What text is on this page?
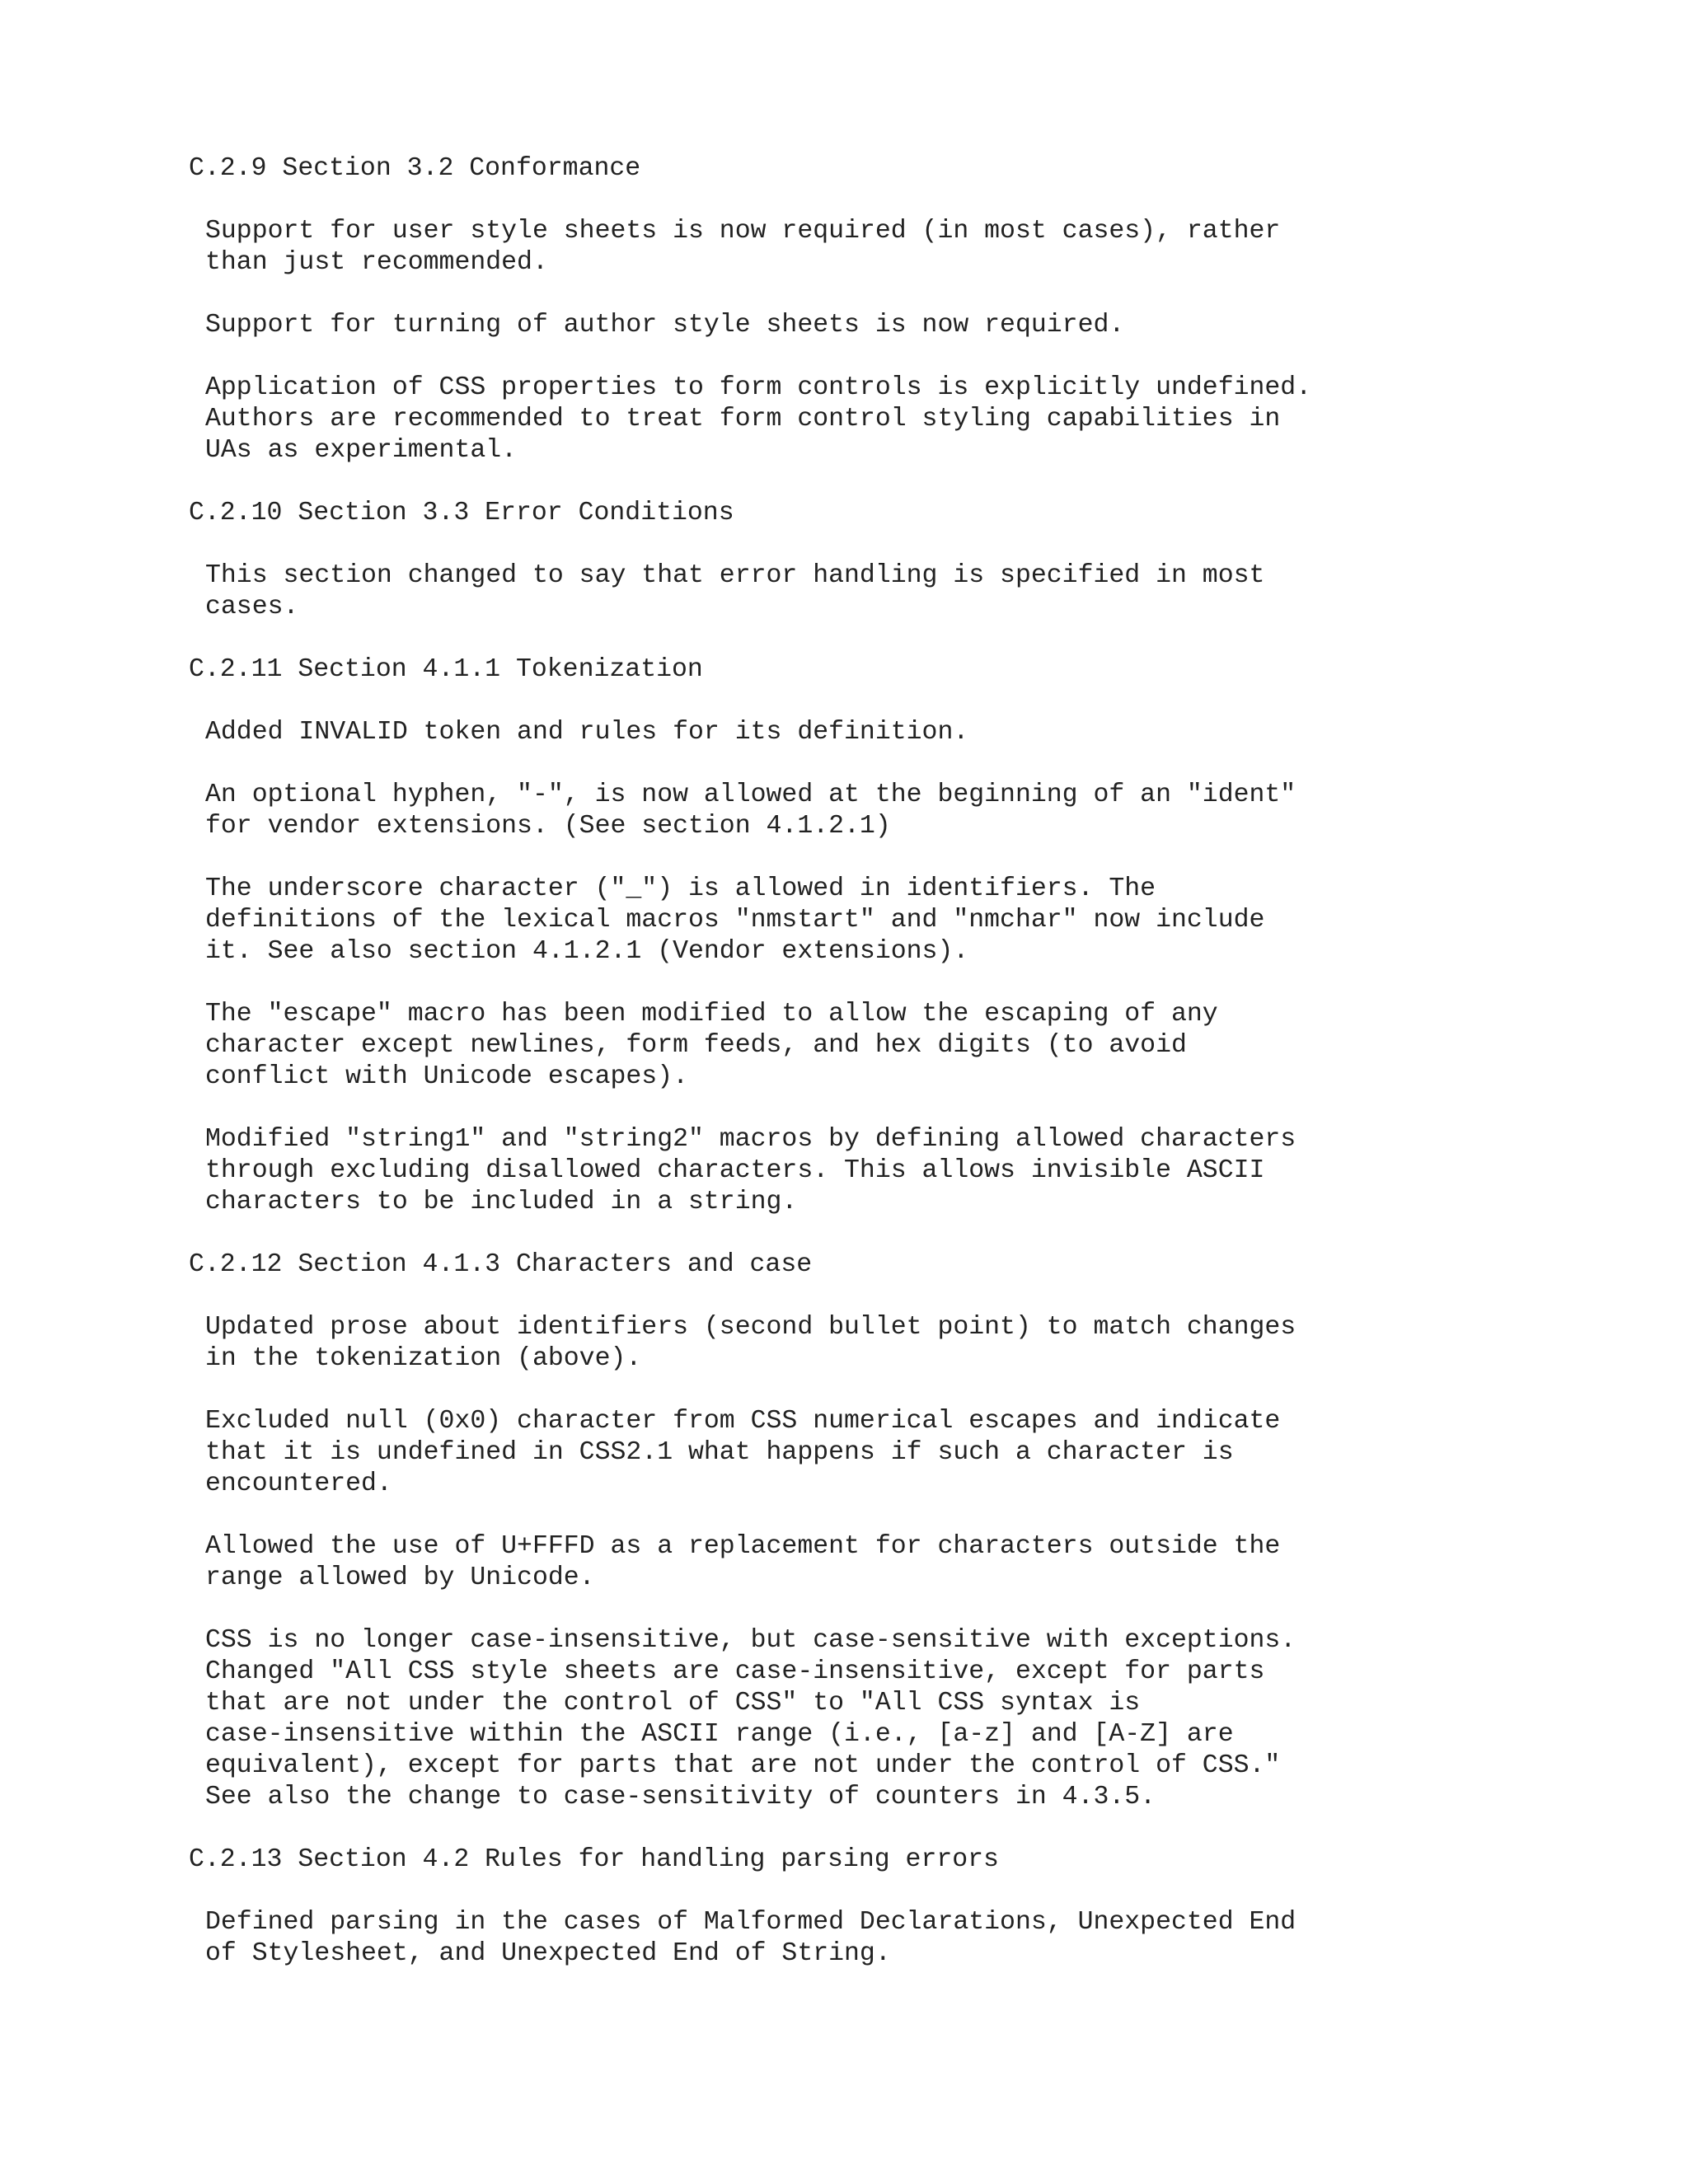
C.2.9 Section 3.2 Conformance
Support for user style sheets is now required (in most cases), rather
than just recommended.
Support for turning of author style sheets is now required.
Application of CSS properties to form controls is explicitly undefined.
Authors are recommended to treat form control styling capabilities in
UAs as experimental.
C.2.10 Section 3.3 Error Conditions
This section changed to say that error handling is specified in most
cases.
C.2.11 Section 4.1.1 Tokenization
Added INVALID token and rules for its definition.
An optional hyphen, "-", is now allowed at the beginning of an "ident"
for vendor extensions. (See section 4.1.2.1)
The underscore character ("_") is allowed in identifiers. The
definitions of the lexical macros "nmstart" and "nmchar" now include
it. See also section 4.1.2.1 (Vendor extensions).
The "escape" macro has been modified to allow the escaping of any
character except newlines, form feeds, and hex digits (to avoid
conflict with Unicode escapes).
Modified "string1" and "string2" macros by defining allowed characters
through excluding disallowed characters. This allows invisible ASCII
characters to be included in a string.
C.2.12 Section 4.1.3 Characters and case
Updated prose about identifiers (second bullet point) to match changes
in the tokenization (above).
Excluded null (0x0) character from CSS numerical escapes and indicate
that it is undefined in CSS2.1 what happens if such a character is
encountered.
Allowed the use of U+FFFD as a replacement for characters outside the
range allowed by Unicode.
CSS is no longer case-insensitive, but case-sensitive with exceptions.
Changed "All CSS style sheets are case-insensitive, except for parts
that are not under the control of CSS" to "All CSS syntax is
case-insensitive within the ASCII range (i.e., [a-z] and [A-Z] are
equivalent), except for parts that are not under the control of CSS."
See also the change to case-sensitivity of counters in 4.3.5.
C.2.13 Section 4.2 Rules for handling parsing errors
Defined parsing in the cases of Malformed Declarations, Unexpected End
of Stylesheet, and Unexpected End of String.
